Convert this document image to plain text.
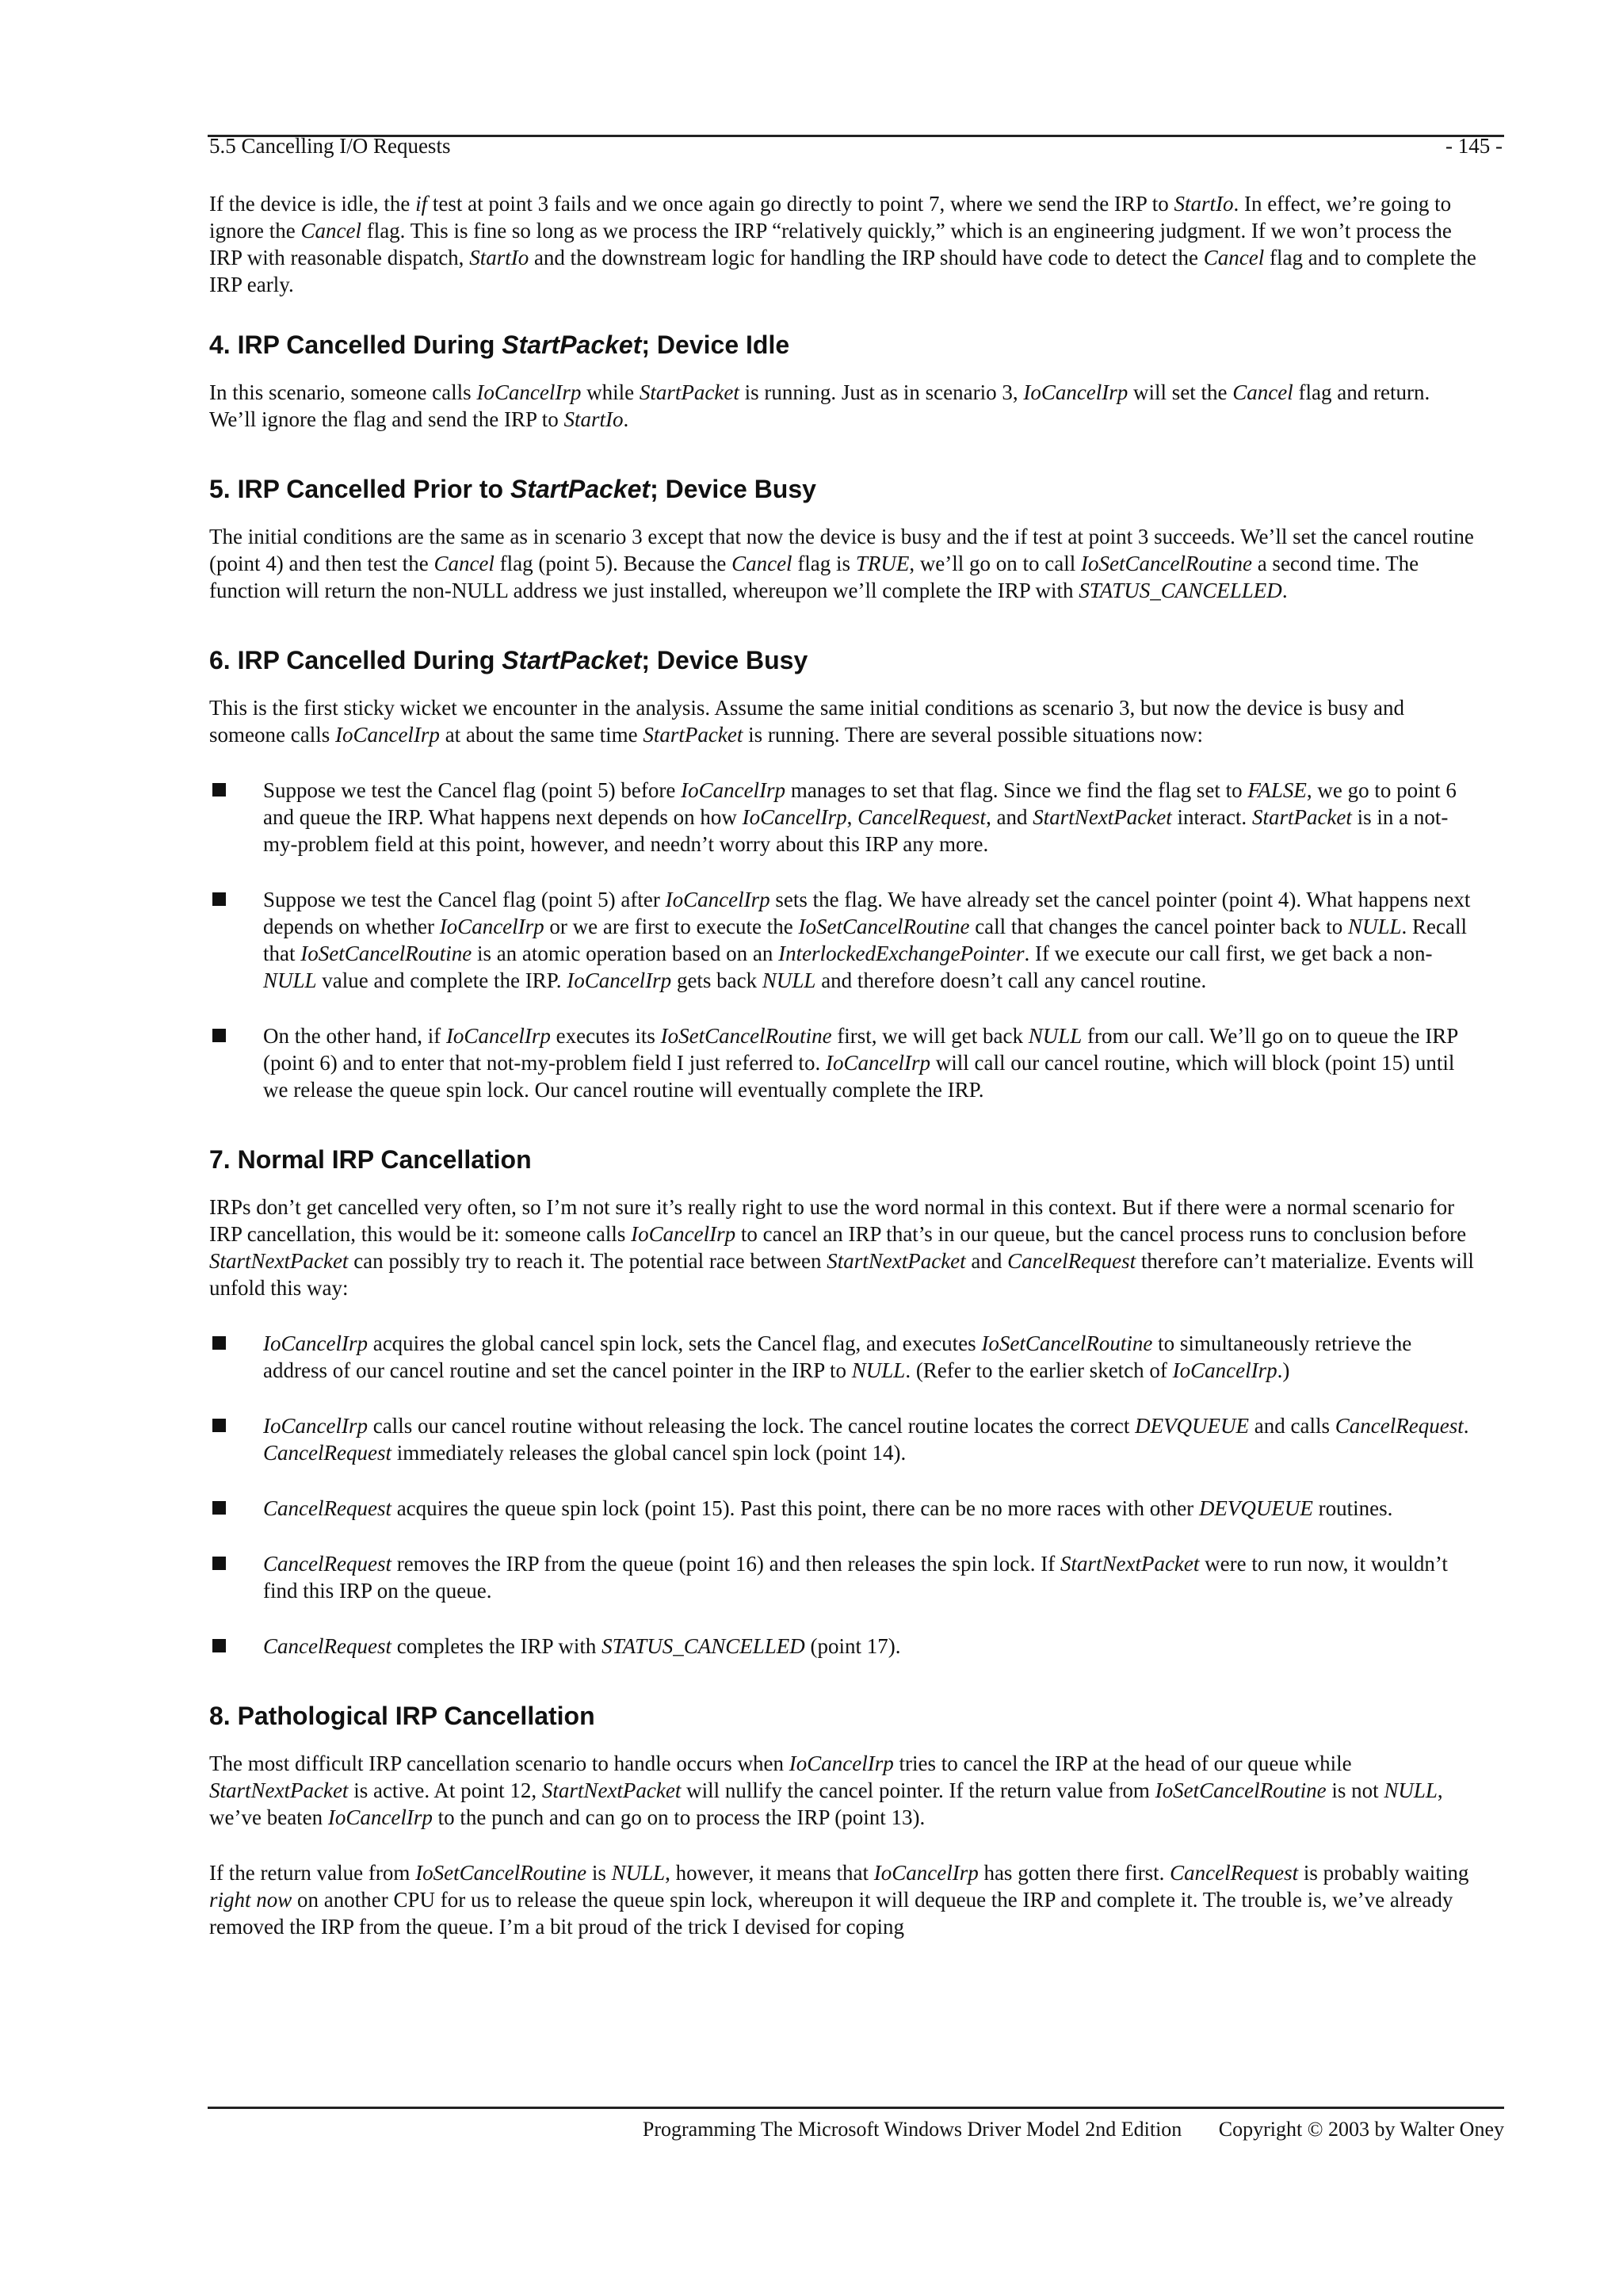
5.5 Cancelling I/O Requests	- 145 -

If the device is idle, the if test at point 3 fails and we once again go directly to point 7, where we send the IRP to StartIo. In effect, we’re going to ignore the Cancel flag. This is fine so long as we process the IRP “relatively quickly,” which is an engineering judgment. If we won’t process the IRP with reasonable dispatch, StartIo and the downstream logic for handling the IRP should have code to detect the Cancel flag and to complete the IRP early.

4. IRP Cancelled During StartPacket; Device Idle

In this scenario, someone calls IoCancelIrp while StartPacket is running. Just as in scenario 3, IoCancelIrp will set the Cancel flag and return. We’ll ignore the flag and send the IRP to StartIo.

5. IRP Cancelled Prior to StartPacket; Device Busy

The initial conditions are the same as in scenario 3 except that now the device is busy and the if test at point 3 succeeds. We’ll set the cancel routine (point 4) and then test the Cancel flag (point 5). Because the Cancel flag is TRUE, we’ll go on to call IoSetCancelRoutine a second time. The function will return the non-NULL address we just installed, whereupon we’ll complete the IRP with STATUS_CANCELLED.

6. IRP Cancelled During StartPacket; Device Busy

This is the first sticky wicket we encounter in the analysis. Assume the same initial conditions as scenario 3, but now the device is busy and someone calls IoCancelIrp at about the same time StartPacket is running. There are several possible situations now:

Suppose we test the Cancel flag (point 5) before IoCancelIrp manages to set that flag. Since we find the flag set to FALSE, we go to point 6 and queue the IRP. What happens next depends on how IoCancelIrp, CancelRequest, and StartNextPacket interact. StartPacket is in a not-my-problem field at this point, however, and needn’t worry about this IRP any more.
Suppose we test the Cancel flag (point 5) after IoCancelIrp sets the flag. We have already set the cancel pointer (point 4). What happens next depends on whether IoCancelIrp or we are first to execute the IoSetCancelRoutine call that changes the cancel pointer back to NULL. Recall that IoSetCancelRoutine is an atomic operation based on an InterlockedExchangePointer. If we execute our call first, we get back a non-NULL value and complete the IRP. IoCancelIrp gets back NULL and therefore doesn’t call any cancel routine.
On the other hand, if IoCancelIrp executes its IoSetCancelRoutine first, we will get back NULL from our call. We’ll go on to queue the IRP (point 6) and to enter that not-my-problem field I just referred to. IoCancelIrp will call our cancel routine, which will block (point 15) until we release the queue spin lock. Our cancel routine will eventually complete the IRP.
7. Normal IRP Cancellation

IRPs don’t get cancelled very often, so I’m not sure it’s really right to use the word normal in this context. But if there were a normal scenario for IRP cancellation, this would be it: someone calls IoCancelIrp to cancel an IRP that’s in our queue, but the cancel process runs to conclusion before StartNextPacket can possibly try to reach it. The potential race between StartNextPacket and CancelRequest therefore can’t materialize. Events will unfold this way:

IoCancelIrp acquires the global cancel spin lock, sets the Cancel flag, and executes IoSetCancelRoutine to simultaneously retrieve the address of our cancel routine and set the cancel pointer in the IRP to NULL. (Refer to the earlier sketch of IoCancelIrp.)
IoCancelIrp calls our cancel routine without releasing the lock. The cancel routine locates the correct DEVQUEUE and calls CancelRequest. CancelRequest immediately releases the global cancel spin lock (point 14).
CancelRequest acquires the queue spin lock (point 15). Past this point, there can be no more races with other DEVQUEUE routines.
CancelRequest removes the IRP from the queue (point 16) and then releases the spin lock. If StartNextPacket were to run now, it wouldn’t find this IRP on the queue.
CancelRequest completes the IRP with STATUS_CANCELLED (point 17).
8. Pathological IRP Cancellation

The most difficult IRP cancellation scenario to handle occurs when IoCancelIrp tries to cancel the IRP at the head of our queue while StartNextPacket is active. At point 12, StartNextPacket will nullify the cancel pointer. If the return value from IoSetCancelRoutine is not NULL, we’ve beaten IoCancelIrp to the punch and can go on to process the IRP (point 13).

If the return value from IoSetCancelRoutine is NULL, however, it means that IoCancelIrp has gotten there first. CancelRequest is probably waiting right now on another CPU for us to release the queue spin lock, whereupon it will dequeue the IRP and complete it. The trouble is, we’ve already removed the IRP from the queue. I’m a bit proud of the trick I devised for coping

Programming The Microsoft Windows Driver Model 2nd Edition Copyright © 2003 by Walter Oney
